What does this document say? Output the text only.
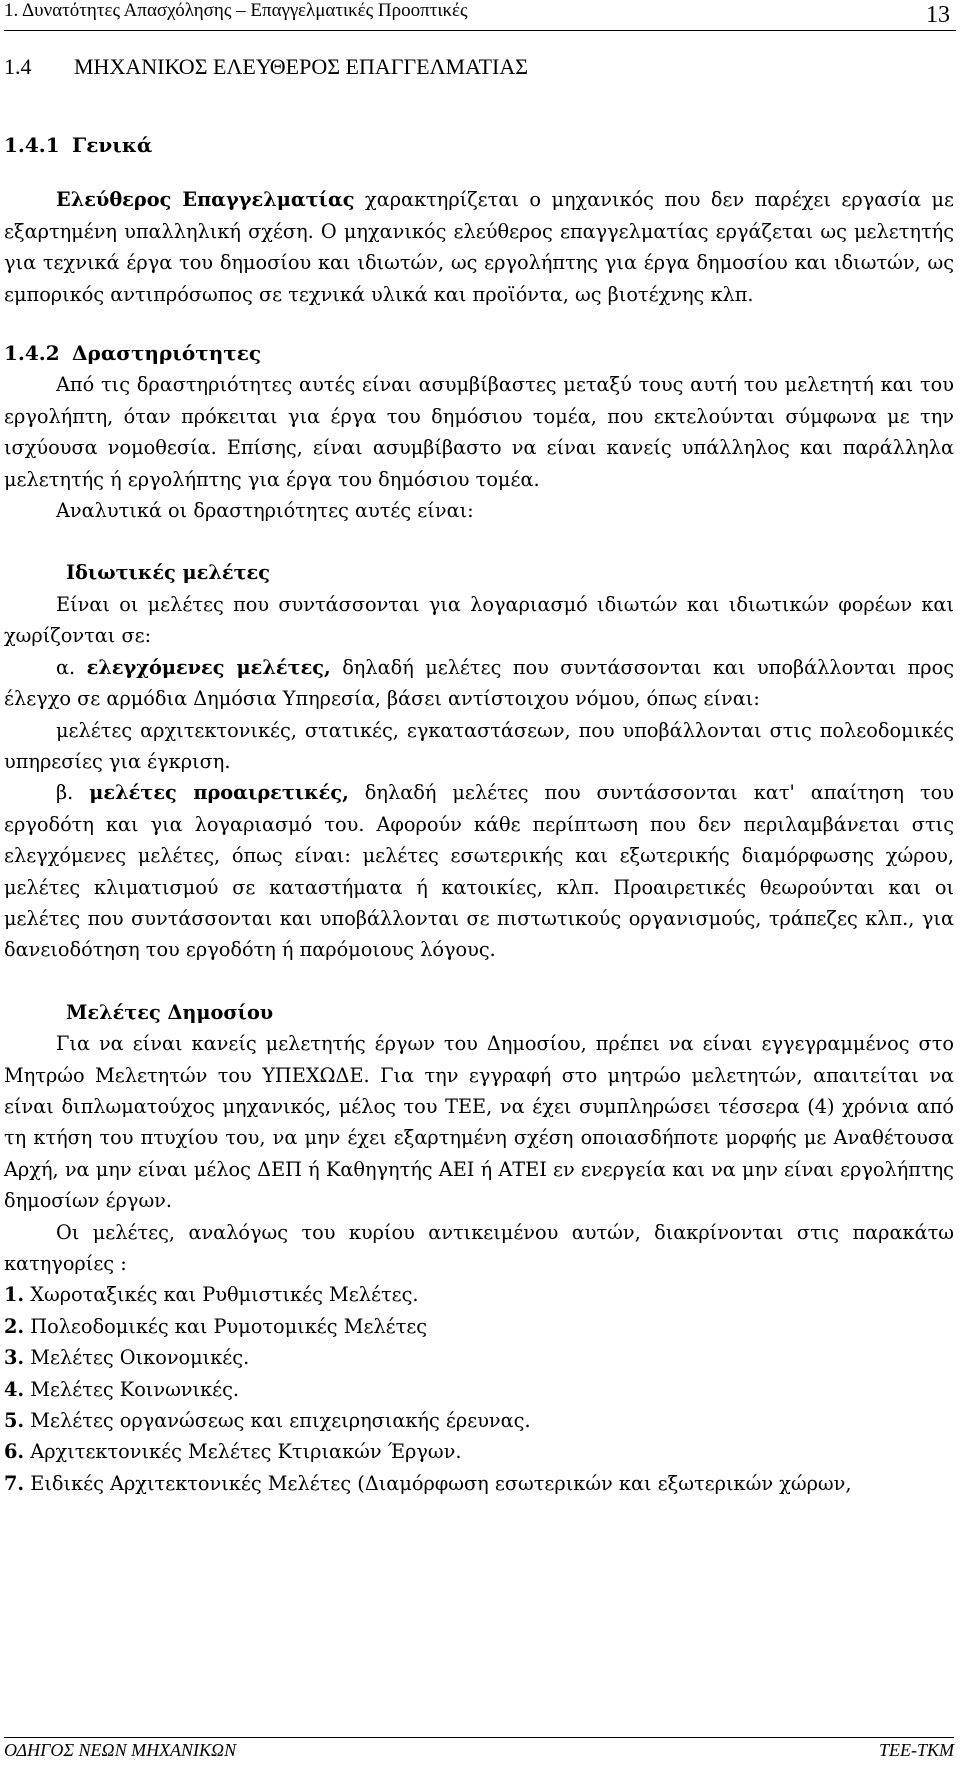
1. Δυνατότητες Απασχόλησης – Επαγγελματικές Προοπτικές	13
1.4 ΜΗΧΑΝΙΚΟΣ ΕΛΕΥΘΕΡΟΣ ΕΠΑΓΓΕΛΜΑΤΙΑΣ
1.4.1 Γενικά

Ελεύθερος Επαγγελματίας χαρακτηρίζεται ο μηχανικός που δεν παρέχει εργασία με εξαρτημένη υπαλληλική σχέση. Ο μηχανικός ελεύθερος επαγγελματίας εργάζεται ως μελετητής για τεχνικά έργα του δημοσίου και ιδιωτών, ως εργολήπτης για έργα δημοσίου και ιδιωτών, ως εμπορικός αντιπρόσωπος σε τεχνικά υλικά και προϊόντα, ως βιοτέχνης κλπ.

1.4.2 Δραστηριότητες

Από τις δραστηριότητες αυτές είναι ασυμβίβαστες μεταξύ τους αυτή του μελετητή και του εργολήπτη, όταν πρόκειται για έργα του δημόσιου τομέα, που εκτελούνται σύμφωνα με την ισχύουσα νομοθεσία. Επίσης, είναι ασυμβίβαστο να είναι κανείς υπάλληλος και παράλληλα μελετητής ή εργολήπτης για έργα του δημόσιου τομέα.

Αναλυτικά οι δραστηριότητες αυτές είναι:

Ιδιωτικές μελέτες

Είναι οι μελέτες που συντάσσονται για λογαριασμό ιδιωτών και ιδιωτικών φορέων και χωρίζονται σε:

α. ελεγχόμενες μελέτες, δηλαδή μελέτες που συντάσσονται και υποβάλλονται προς έλεγχο σε αρμόδια Δημόσια Υπηρεσία, βάσει αντίστοιχου νόμου, όπως είναι:

μελέτες αρχιτεκτονικές, στατικές, εγκαταστάσεων, που υποβάλλονται στις πολεοδομικές υπηρεσίες για έγκριση.

β. μελέτες προαιρετικές, δηλαδή μελέτες που συντάσσονται κατ' απαίτηση του εργοδότη και για λογαριασμό του. Αφορούν κάθε περίπτωση που δεν περιλαμβάνεται στις ελεγχόμενες μελέτες, όπως είναι: μελέτες εσωτερικής και εξωτερικής διαμόρφωσης χώρου, μελέτες κλιματισμού σε καταστήματα ή κατοικίες, κλπ. Προαιρετικές θεωρούνται και οι μελέτες που συντάσσονται και υποβάλλονται σε πιστωτικούς οργανισμούς, τράπεζες κλπ., για δανειοδότηση του εργοδότη ή παρόμοιους λόγους.

Μελέτες Δημοσίου

Για να είναι κανείς μελετητής έργων του Δημοσίου, πρέπει να είναι εγγεγραμμένος στο Μητρώο Μελετητών του ΥΠΕΧΩΔΕ. Για την εγγραφή στο μητρώο μελετητών, απαιτείται να είναι διπλωματούχος μηχανικός, μέλος του ΤΕΕ, να έχει συμπληρώσει τέσσερα (4) χρόνια από τη κτήση του πτυχίου του, να μην έχει εξαρτημένη σχέση οποιασδήποτε μορφής με Αναθέτουσα Αρχή, να μην είναι μέλος ΔΕΠ ή Καθηγητής ΑΕΙ ή ΑΤΕΙ εν ενεργεία και να μην είναι εργολήπτης δημοσίων έργων.

Οι μελέτες, αναλόγως του κυρίου αντικειμένου αυτών, διακρίνονται στις παρακάτω κατηγορίες :

1. Χωροταξικές και Ρυθμιστικές Μελέτες.

2. Πολεοδομικές και Ρυμοτομικές Μελέτες

3. Μελέτες Οικονομικές.

4. Μελέτες Κοινωνικές.

5. Μελέτες οργανώσεως και επιχειρησιακής έρευνας.

6. Αρχιτεκτονικές Μελέτες Κτιριακών Έργων.

7. Ειδικές Αρχιτεκτονικές Μελέτες (Διαμόρφωση εσωτερικών και εξωτερικών χώρων,

ΟΔΗΓΟΣ ΝΕΩΝ ΜΗΧΑΝΙΚΩΝ	ΤΕΕ-ΤΚΜ
